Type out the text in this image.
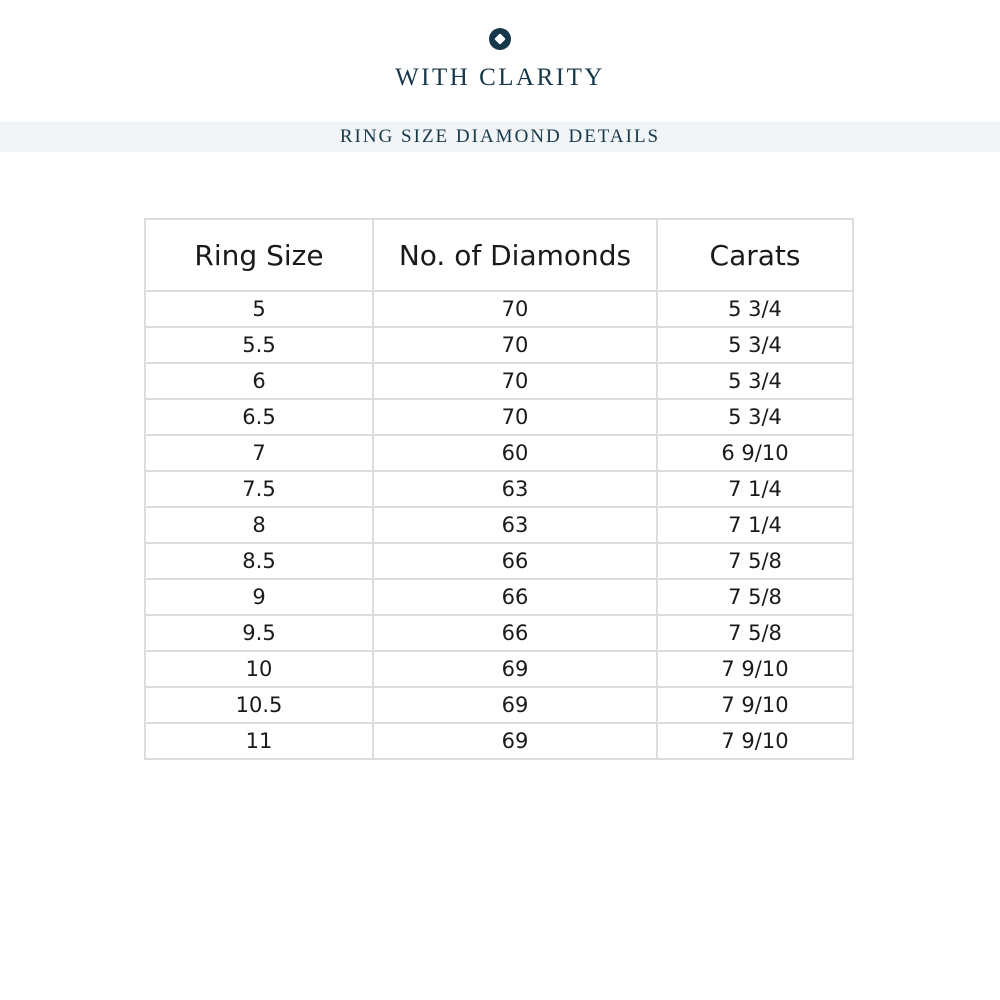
WITH CLARITY
RING SIZE DIAMOND DETAILS
Ring Size	No. of Diamonds	Carats
5	70	5 3/4
5.5	70	5 3/4
6	70	5 3/4
6.5	70	5 3/4
7	60	6 9/10
7.5	63	7 1/4
8	63	7 1/4
8.5	66	7 5/8
9	66	7 5/8
9.5	66	7 5/8
10	69	7 9/10
10.5	69	7 9/10
11	69	7 9/10
